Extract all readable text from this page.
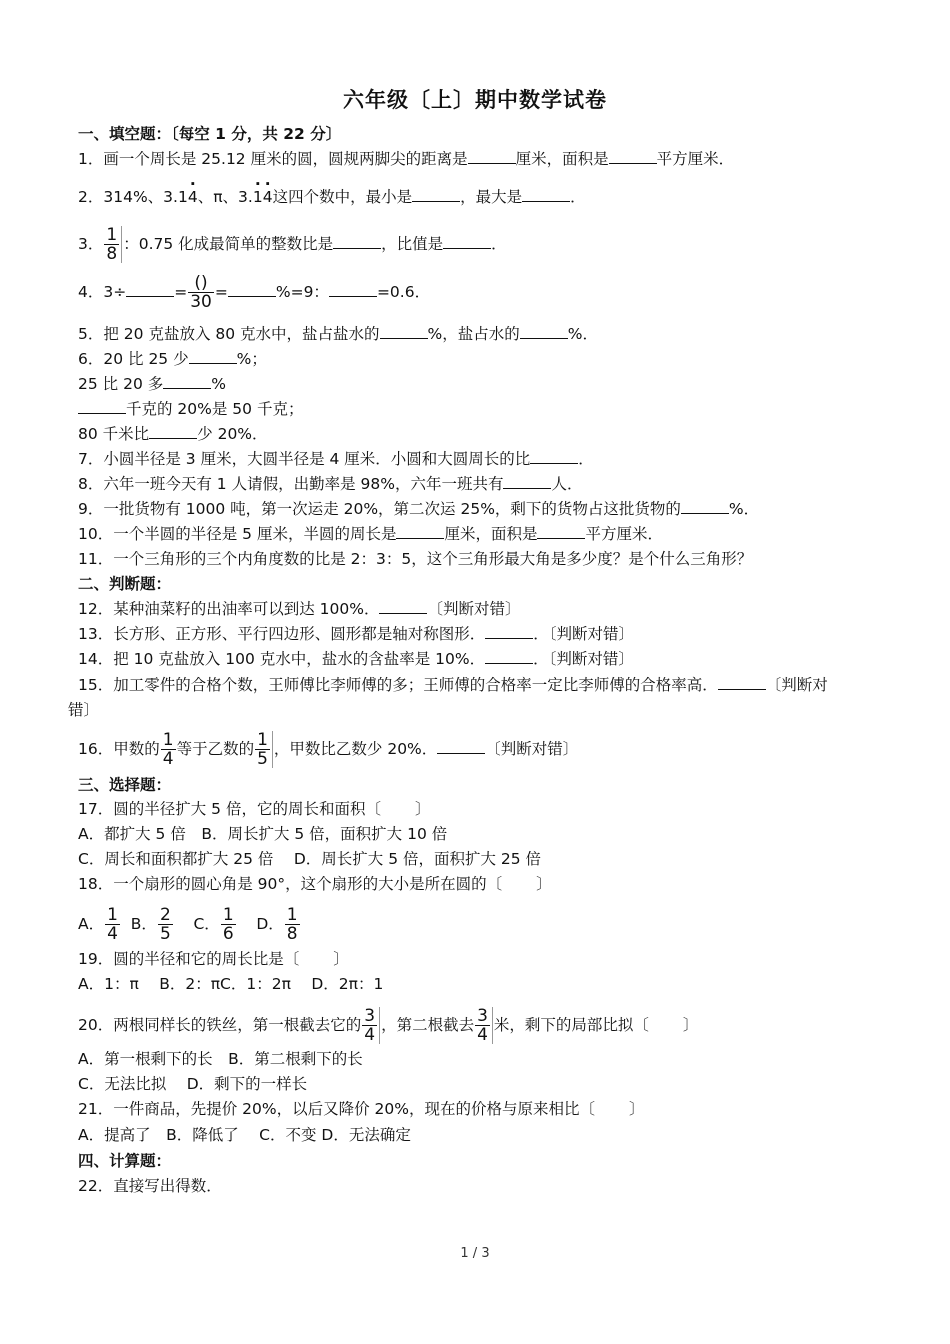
六年级〔上〕期中数学试卷
一、填空题：〔每空 1 分，共 22 分〕
1．画一个周长是 25.12 厘米的圆，圆规两脚尖的距离是	厘米，面积是	平方厘米．
2．314%、3.1· 4、π、3.· 1· 4这四个数中，最小是	，最大是	．
3． $\frac{1}{8}$ ：0.75 化成最简单的整数比是	，比值是	．
4．3÷	= $\frac{()}{30}$ =	%=9：	=0.6．
5．把 20 克盐放入 80 克水中，盐占盐水的	%，盐占水的	%．
6．20 比 25 少	%；
25 比 20 多	%
千克的 20%是 50 千克；
80 千米比	少 20%．
7．小圆半径是 3 厘米，大圆半径是 4 厘米．小圆和大圆周长的比	．
8．六年一班今天有 1 人请假，出勤率是 98%，六年一班共有	人．
9．一批货物有 1000 吨，第一次运走 20%，第二次运 25%，剩下的货物占这批货物的	%．
10．一个半圆的半径是 5 厘米，半圆的周长是	厘米，面积是	平方厘米．
11．一个三角形的三个内角度数的比是 2：3：5，这个三角形最大角是多少度？是个什么三角形？
二、判断题：
12．某种油菜籽的出油率可以到达 100%．	〔判断对错〕
13．长方形、正方形、平行四边形、圆形都是轴对称图形．	．〔判断对错〕
14．把 10 克盐放入 100 克水中，盐水的含盐率是 10%．	．〔判断对错〕
15．加工零件的合格个数，王师傅比李师傅的多；王师傅的合格率一定比李师傅的合格率高．	〔判断对
错〕
16．甲数的 $\frac{1}{4}$ 等于乙数的 $\frac{1}{5}$ ，甲数比乙数少 20%．	〔判断对错〕
三、选择题：
17．圆的半径扩大 5 倍，它的周长和面积〔 〕
A．都扩大 5 倍　B．周长扩大 5 倍，面积扩大 10 倍
C．周长和面积都扩大 25 倍　 D．周长扩大 5 倍，面积扩大 25 倍
18．一个扇形的圆心角是 90°，这个扇形的大小是所在圆的〔 〕
A． $\frac{1}{4}$ B． $\frac{2}{5}$ C． $\frac{1}{6}$ D． $\frac{1}{8}$
19．圆的半径和它的周长比是〔 〕
A．1：π　 B．2：πC．1：2π　 D．2π：1
20．两根同样长的铁丝，第一根截去它的 $\frac{3}{4}$ ，第二根截去 $\frac{3}{4}$ 米，剩下的局部比拟〔 〕
A．第一根剩下的长　B．第二根剩下的长
C．无法比拟　 D．剩下的一样长
21．一件商品，先提价 20%，以后又降价 20%，现在的价格与原来相比〔 〕
A．提高了　B．降低了　 C．不变 D．无法确定
四、计算题：
22．直接写出得数．
1 / 3
